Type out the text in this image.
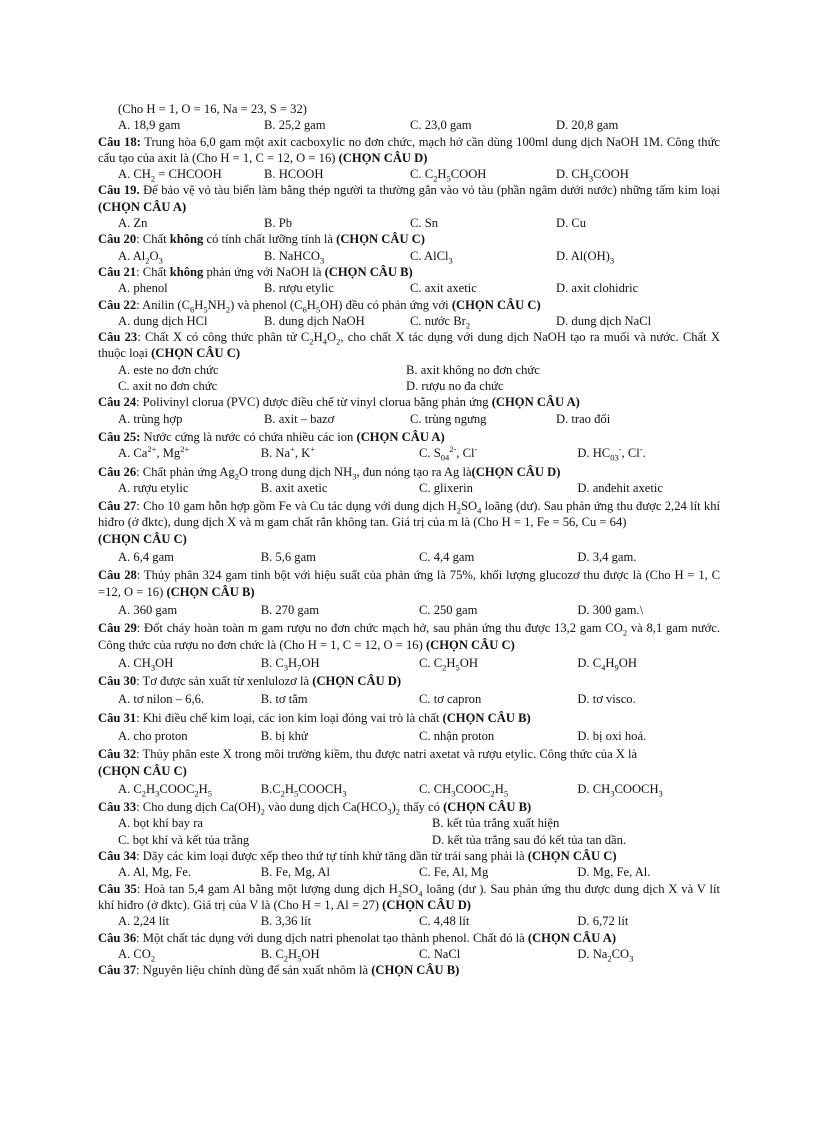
(Cho H = 1, O = 16, Na = 23, S = 32)

A. 18,9 gam	B. 25,2 gam	C. 23,0 gam	D. 20,8 gam

Câu 18: Trung hòa 6,0 gam một axit cacboxylic no đơn chức, mạch hở cần dùng 100ml dung dịch NaOH 1M. Công thức cấu tạo của axit là (Cho H = 1, C = 12, O = 16) (CHỌN CÂU D)

A. $CH_2$ = CHCOOH	B. HCOOH	C. $C_2H_5COOH$	D. $CH_3COOH$

Câu 19. Để bảo vệ vỏ tàu biển làm bằng thép người ta thường gắn vào vỏ tàu (phần ngâm dưới nước) những tấm kim loại (CHỌN CÂU A)

A. Zn	B. Pb	C. Sn	D. Cu

Câu 20: Chất không có tính chất lưỡng tính là (CHỌN CÂU C)

A. $Al_2O_3$	B. NaHCO$_3$	C. AlCl$_3$	D. $Al(OH)_3$

Câu 21: Chất không phản ứng với NaOH là (CHỌN CÂU B)

A. phenol	B. rượu etylic	C. axit axetic	D. axit clohidric

Câu 22: Anilin $(C_6H_5NH_2)$ và phenol $(C_6H_5OH)$ đều có phản ứng với (CHỌN CÂU C)

A. dung dịch HCl	B. dung dịch NaOH	C. nước $Br_2$	D. dung dịch NaCl

Câu 23: Chất X có công thức phân tử $C_2H_4O_2$, cho chất X tác dụng với dung dịch NaOH tạo ra muối và nước. Chất X thuộc loại (CHỌN CÂU C)

A. este no đơn chức	B. axit không no đơn chức
C. axit no đơn chức	D. rượu no đa chức

Câu 24: Polivinyl clorua (PVC) được điều chế từ vinyl clorua bằng phản ứng (CHỌN CÂU A)

A. trùng hợp	B. axit – bazơ	C. trùng ngưng	D. trao đổi

Câu 25: Nước cứng là nước có chứa nhiều các ion (CHỌN CÂU A)

A. $Ca^{2+}$, $Mg^{2+}$	B. Na+, K+	C. $S_{04}^{2-}$, Cl-	D. $HC_{03}^-$, Cl-.

Câu 26: Chất phản ứng $Ag_2O$ trong dung dịch $NH_3$, đun nóng tạo ra Ag là(CHỌN CÂU D)

A. rượu etylic	B. axit axetic	C. glixerin	D. anđehit axetic

Câu 27: Cho 10 gam hỗn hợp gồm Fe và Cu tác dụng với dung dịch $H_2SO_4$ loãng (dư). Sau phản ứng thu được 2,24 lít khí hiđro (ở đktc), dung dịch X và m gam chất rắn không tan. Giá trị của m là (Cho H = 1, Fe = 56, Cu = 64)
(CHỌN CÂU C)

A. 6,4 gam	B. 5,6 gam	C. 4,4 gam	D. 3,4 gam.

Câu 28: Thủy phân 324 gam tinh bột với hiệu suất của phản ứng là 75%, khối lượng glucozơ thu được là (Cho H = 1, C =12, O = 16) (CHỌN CÂU B)

A. 360 gam	B. 270 gam	C. 250 gam	D. 300 gam.\

Câu 29: Đốt cháy hoàn toàn m gam rượu no đơn chức mạch hở, sau phản ứng thu được 13,2 gam $CO_2$ và 8,1 gam nước. Công thức của rượu no đơn chức là (Cho H = 1, C = 12, O = 16) (CHỌN CÂU C)

A. $CH_3OH$	B. $C_3H_7OH$	C. $C_2H_5OH$	D. $C_4H_9OH$

Câu 30: Tơ được sản xuất từ xenlulozơ là (CHỌN CÂU D)

A. tơ nilon – 6,6.	B. tơ tằm	C. tơ capron	D. tơ visco.

Câu 31: Khi điều chế kim loại, các ion kim loại đóng vai trò là chất (CHỌN CÂU B)

A. cho proton	B. bị khử	C. nhận proton	D. bị oxi hoá.

Câu 32: Thủy phân este X trong môi trường kiềm, thu được natri axetat và rượu etylic. Công thức của X là
(CHỌN CÂU C)

A. $C_2H_3COOC_2H_5$	$B.C_2H_5COOCH_3$	C. $CH_3COOC_2H_5$	D. $CH_3COOCH_3$

Câu 33: Cho dung dịch $Ca(OH)_2$ vào dung dịch $Ca(HCO_3)_2$ thấy có (CHỌN CÂU B)

A. bọt khí bay ra	B. kết tủa trắng xuất hiện
C. bọt khí và kết tủa trắng	D. kết tủa trắng sau đó kết tủa tan dần.

Câu 34: Dãy các kim loại được xếp theo thứ tự tính khử tăng dần từ trái sang phải là (CHỌN CÂU C)

A. Al, Mg, Fe.	B. Fe, Mg, Al	C. Fe, Al, Mg	D. Mg, Fe, Al.

Câu 35: Hoà tan 5,4 gam Al bằng một lượng dung dịch $H_2SO_4$ loãng (dư ). Sau phản ứng thu được dung dịch X và V lít khí hiđro (ở đktc). Giá trị của V là (Cho H = 1, Al = 27) (CHỌN CÂU D)

A. 2,24 lít	B. 3,36 lít	C. 4,48 lít	D. 6,72 lít

Câu 36: Một chất tác dụng với dung dịch natri phenolat tạo thành phenol. Chất đó là (CHỌN CÂU A)

A. $CO_2$	B. $C_2H_5OH$	C. NaCl	D. $Na_2CO_3$

Câu 37: Nguyên liệu chính dùng để sản xuất nhôm là (CHỌN CÂU B)
